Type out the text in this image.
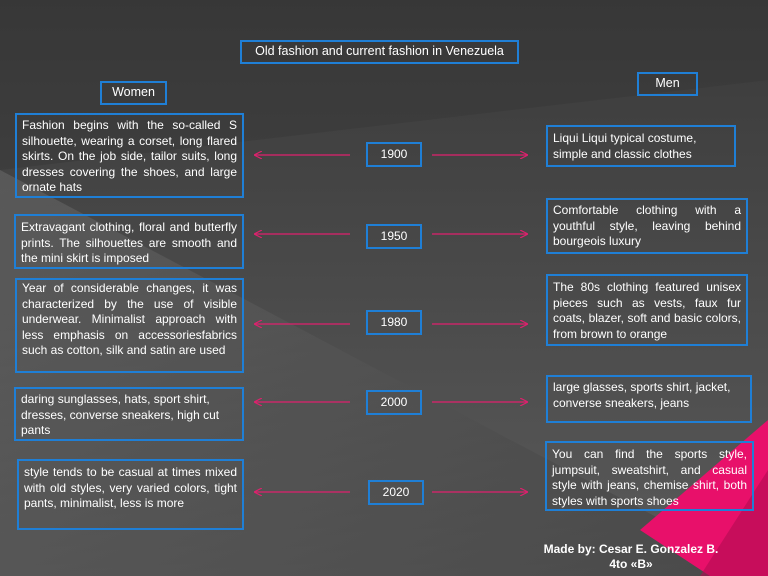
Old fashion and current fashion in Venezuela
Women
Men
Fashion begins with the so-called S silhouette, wearing a corset, long flared skirts. On the job side, tailor suits, long dresses covering the shoes, and large ornate hats
Extravagant clothing, floral and butterfly prints. The silhouettes are smooth and the mini skirt is imposed
Year of considerable changes, it was characterized by the use of visible underwear. Minimalist approach with less emphasis on accessoriesfabrics such as cotton, silk and satin are used
daring sunglasses, hats, sport shirt, dresses, converse sneakers, high cut pants
style tends to be casual at times mixed with old styles, very varied colors, tight pants, minimalist, less is more
1900
1950
1980
2000
2020
Liqui Liqui typical costume, simple and classic clothes
Comfortable clothing with a youthful style, leaving behind bourgeois luxury
The 80s clothing featured unisex pieces such as vests, faux fur coats, blazer, soft and basic colors, from brown to orange
large glasses, sports shirt, jacket, converse sneakers, jeans
You can find the sports style, jumpsuit, sweatshirt, and casual style with jeans, chemise shirt, both styles with sports shoes
Made by: Cesar E. Gonzalez B.
4to «B»
